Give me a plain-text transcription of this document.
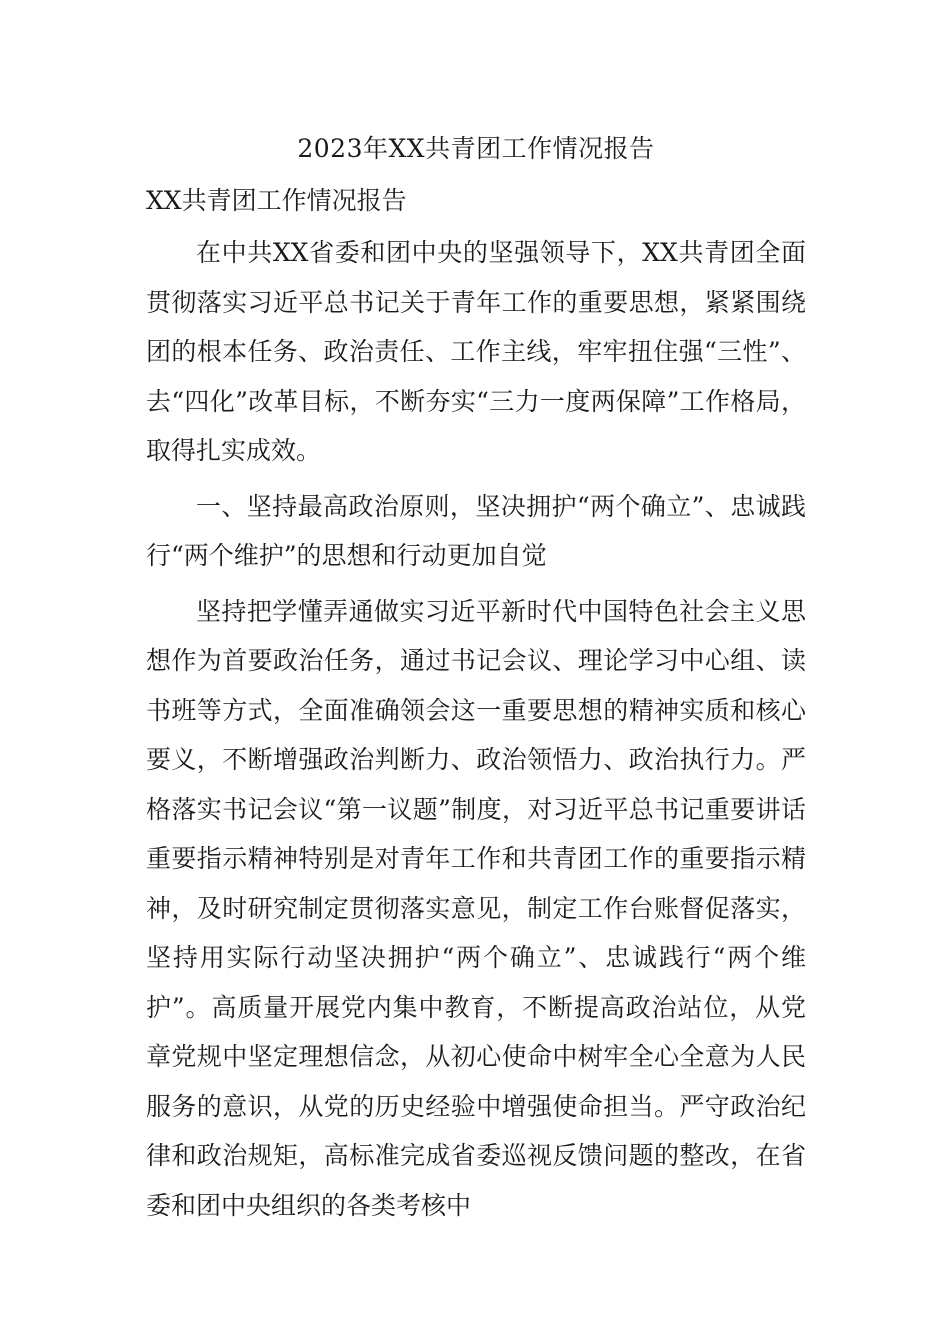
2023年XX共青团工作情况报告
XX共青团工作情况报告

在中共XX省委和团中央的坚强领导下，XX共青团全面贯彻落实习近平总书记关于青年工作的重要思想，紧紧围绕团的根本任务、政治责任、工作主线，牢牢扭住强“三性”、去“四化”改革目标，不断夯实“三力一度两保障”工作格局，取得扎实成效。

一、坚持最高政治原则，坚决拥护“两个确立”、忠诚践行“两个维护”的思想和行动更加自觉

坚持把学懂弄通做实习近平新时代中国特色社会主义思想作为首要政治任务，通过书记会议、理论学习中心组、读书班等方式，全面准确领会这一重要思想的精神实质和核心要义，不断增强政治判断力、政治领悟力、政治执行力。严格落实书记会议“第一议题”制度，对习近平总书记重要讲话重要指示精神特别是对青年工作和共青团工作的重要指示精神，及时研究制定贯彻落实意见，制定工作台账督促落实，坚持用实际行动坚决拥护“两个确立”、忠诚践行“两个维护”。高质量开展党内集中教育，不断提高政治站位，从党章党规中坚定理想信念，从初心使命中树牢全心全意为人民服务的意识，从党的历史经验中增强使命担当。严守政治纪律和政治规矩，高标准完成省委巡视反馈问题的整改，在省委和团中央组织的各类考核中
